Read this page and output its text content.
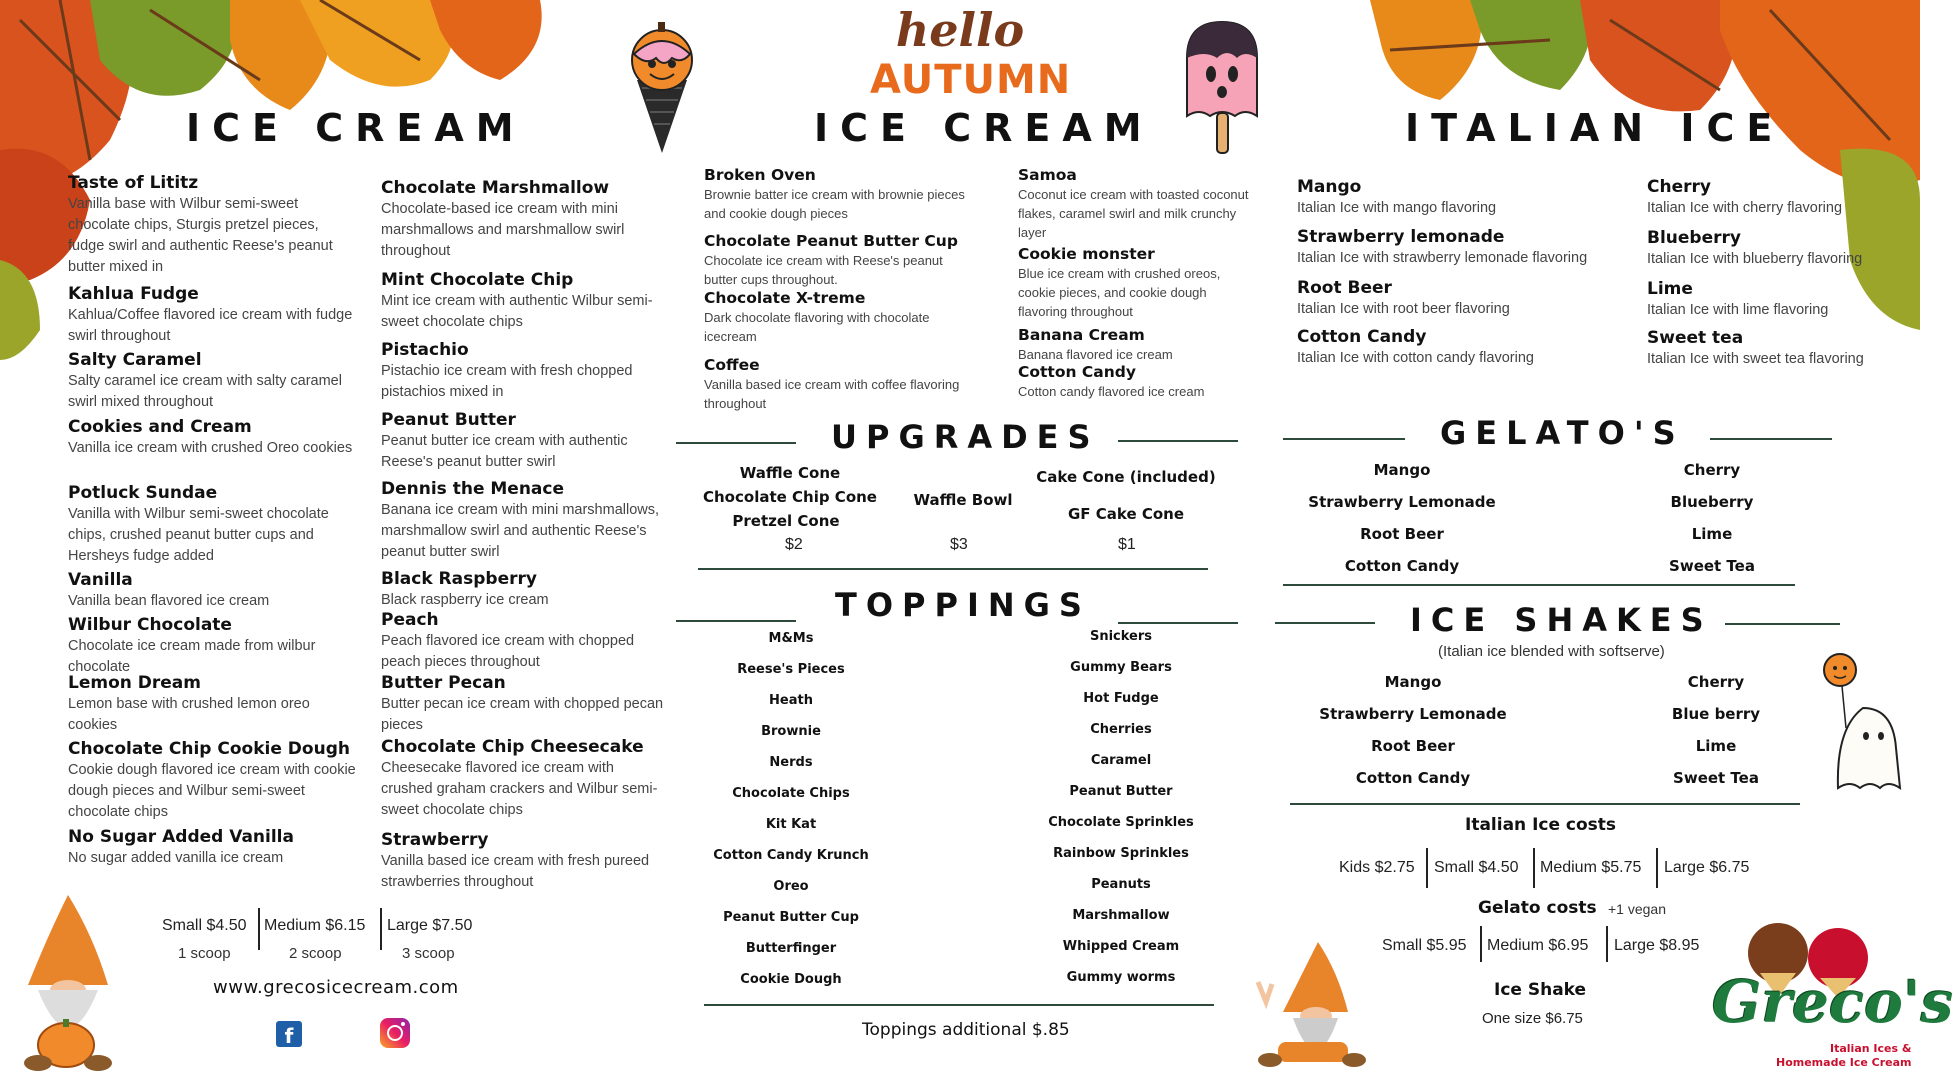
hello
AUTUMN
ICE CREAM
Taste of Lititz
Vanilla base with Wilbur semi-sweet chocolate chips, Sturgis pretzel pieces, fudge swirl and authentic Reese's peanut butter mixed in
Kahlua Fudge
Kahlua/Coffee flavored ice cream with fudge swirl throughout
Salty Caramel
Salty caramel ice cream with salty caramel swirl mixed throughout
Cookies and Cream
Vanilla ice cream with crushed Oreo cookies
Potluck Sundae
Vanilla with Wilbur semi-sweet chocolate chips, crushed peanut butter cups and Hersheys fudge added
Vanilla
Vanilla bean flavored ice cream
Wilbur Chocolate
Chocolate ice cream made from wilbur chocolate
Lemon Dream
Lemon base with crushed lemon oreo cookies
Chocolate Chip Cookie Dough
Cookie dough flavored ice cream with cookie dough pieces and Wilbur semi-sweet chocolate chips
No Sugar Added Vanilla
No sugar added vanilla ice cream
Chocolate Marshmallow
Chocolate-based ice cream with mini marshmallows and marshmallow swirl throughout
Mint Chocolate Chip
Mint ice cream with authentic Wilbur semi-sweet chocolate chips
Pistachio
Pistachio ice cream with fresh chopped pistachios mixed in
Peanut Butter
Peanut butter ice cream with authentic Reese's peanut butter swirl
Dennis the Menace
Banana ice cream with mini marshmallows, marshmallow swirl and authentic Reese's peanut butter swirl
Black Raspberry
Black raspberry ice cream
Peach
Peach flavored ice cream with chopped peach pieces throughout
Butter Pecan
Butter pecan ice cream with chopped pecan pieces
Chocolate Chip Cheesecake
Cheesecake flavored ice cream with crushed graham crackers and Wilbur semi-sweet chocolate chips
Strawberry
Vanilla based ice cream with fresh pureed strawberries throughout
Small $4.50
1 scoop
Medium $6.15
2 scoop
Large $7.50
3 scoop
www.grecosicecream.com
f
ICE CREAM
Broken Oven
Brownie batter ice cream with brownie pieces and cookie dough pieces
Chocolate Peanut Butter Cup
Chocolate ice cream with Reese's peanut butter cups throughout.
Chocolate X-treme
Dark chocolate flavoring with chocolate icecream
Coffee
Vanilla based ice cream with coffee flavoring throughout
Samoa
Coconut ice cream with toasted coconut flakes, caramel swirl and milk crunchy layer
Cookie monster
Blue ice cream with crushed oreos, cookie pieces, and cookie dough flavoring throughout
Banana Cream
Banana flavored ice cream
Cotton Candy
Cotton candy flavored ice cream
UPGRADES
Waffle Cone
Chocolate Chip Cone
Pretzel Cone
$2
Waffle Bowl
$3
Cake Cone (included)
GF Cake Cone
$1
TOPPINGS
M&Ms
Reese's Pieces
Heath
Brownie
Nerds
Chocolate Chips
Kit Kat
Cotton Candy Krunch
Oreo
Peanut Butter Cup
Butterfinger
Cookie Dough
Snickers
Gummy Bears
Hot Fudge
Cherries
Caramel
Peanut Butter
Chocolate Sprinkles
Rainbow Sprinkles
Peanuts
Marshmallow
Whipped Cream
Gummy worms
Toppings additional $.85
ITALIAN ICE
Mango
Italian Ice with mango flavoring
Strawberry lemonade
Italian Ice with strawberry lemonade flavoring
Root Beer
Italian Ice with root beer flavoring
Cotton Candy
Italian Ice with cotton candy flavoring
Cherry
Italian Ice with cherry flavoring
Blueberry
Italian Ice with blueberry flavoring
Lime
Italian Ice with lime flavoring
Sweet tea
Italian Ice with sweet tea flavoring
GELATO'S
Mango
Strawberry Lemonade
Root Beer
Cotton Candy
Cherry
Blueberry
Lime
Sweet Tea
ICE SHAKES
(Italian ice blended with softserve)
Mango
Strawberry Lemonade
Root Beer
Cotton Candy
Cherry
Blue berry
Lime
Sweet Tea
Italian Ice costs
Kids $2.75 Small $4.50 Medium $5.75 Large $6.75
Gelato costs +1 vegan
Small $5.95 Medium $6.95 Large $8.95
Ice Shake
One size $6.75 Greco's
Italian Ices &
Homemade Ice Cream
